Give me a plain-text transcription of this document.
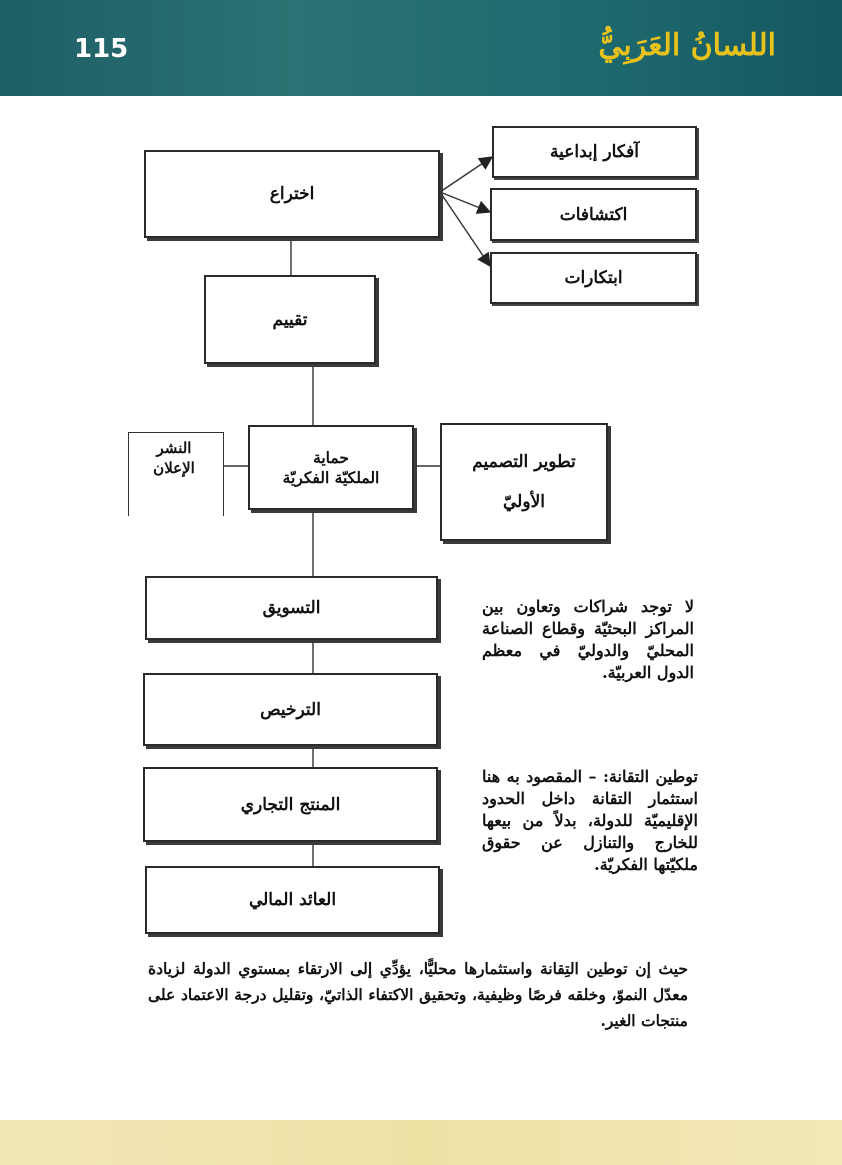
115	اللسانُ العَرَبِيُّ
اختراع
آفكار إبداعية
اكتشافات
ابتكارات
تقييم
النشر
الإعلان
حماية
الملكيّة الفكريّة
تطوير التصميم
الأوليّ
التسويق
الترخيص
المنتج التجاري
العائد المالي
لا توجد شراكات وتعاون بين المراكز البحثيّة وقطاع الصناعة المحليّ والدوليّ في معظم الدول العربيّة.
توطين التقانة: – المقصود به هنا استثمار التقانة داخل الحدود الإقليميّة للدولة، بدلاً من بيعها للخارج والتنازل عن حقوق ملكيّتها الفكريّة.
حيث إن توطين التِقانة واستثمارها محليًّا، يؤدِّي إلى الارتقاء بمستوي الدولة لزيادة معدّل النموّ، وخلقه فرصًا وظيفية، وتحقيق الاكتفاء الذاتيّ، وتقليل درجة الاعتماد على منتجات الغير.
